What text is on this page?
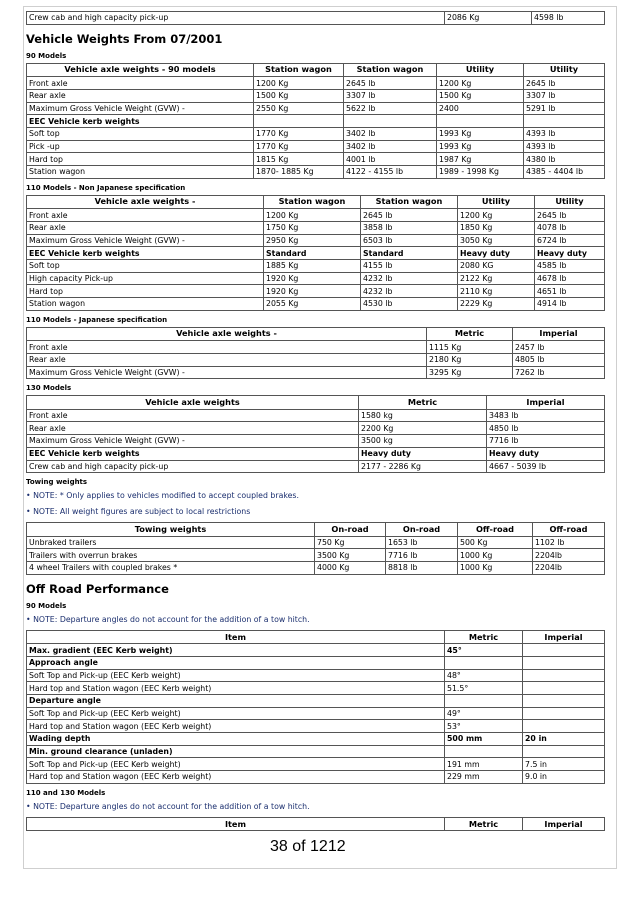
Crew cab and high capacity pick-up	2086 Kg	4598 lb
Vehicle Weights From 07/2001
90 Models
Vehicle axle weights - 90 models	Station wagon	Station wagon	Utility	Utility
Front axle	1200 Kg	2645 lb	1200 Kg	2645 lb
Rear axle	1500 Kg	3307 lb	1500 Kg	3307 lb
Maximum Gross Vehicle Weight (GVW) -	2550 Kg	5622 lb	2400	5291 lb
EEC Vehicle kerb weights				
Soft top	1770 Kg	3402 lb	1993 Kg	4393 lb
Pick -up	1770 Kg	3402 lb	1993 Kg	4393 lb
Hard top	1815 Kg	4001 lb	1987 Kg	4380 lb
Station wagon	1870- 1885 Kg	4122 - 4155 lb	1989 - 1998 Kg	4385 - 4404 lb
110 Models - Non Japanese specification
Vehicle axle weights -	Station wagon	Station wagon	Utility	Utility
Front axle	1200 Kg	2645 lb	1200 Kg	2645 lb
Rear axle	1750 Kg	3858 lb	1850 Kg	4078 lb
Maximum Gross Vehicle Weight (GVW) -	2950 Kg	6503 lb	3050 Kg	6724 lb
EEC Vehicle kerb weights	Standard	Standard	Heavy duty	Heavy duty
Soft top	1885 Kg	4155 lb	2080 KG	4585 lb
High capacity Pick-up	1920 Kg	4232 lb	2122 Kg	4678 lb
Hard top	1920 Kg	4232 lb	2110 Kg	4651 lb
Station wagon	2055 Kg	4530 lb	2229 Kg	4914 lb
110 Models - Japanese specification
Vehicle axle weights -	Metric	Imperial
Front axle	1115 Kg	2457 lb
Rear axle	2180 Kg	4805 lb
Maximum Gross Vehicle Weight (GVW) -	3295 Kg	7262 lb
130 Models
Vehicle axle weights	Metric	Imperial
Front axle	1580 kg	3483 lb
Rear axle	2200 Kg	4850 lb
Maximum Gross Vehicle Weight (GVW) -	3500 kg	7716 lb
EEC Vehicle kerb weights	Heavy duty	Heavy duty
Crew cab and high capacity pick-up	2177 - 2286 Kg	4667 - 5039 lb
Towing weights
• NOTE: * Only applies to vehicles modified to accept coupled brakes.
• NOTE: All weight figures are subject to local restrictions
Towing weights	On-road	On-road	Off-road	Off-road
Unbraked trailers	750 Kg	1653 lb	500 Kg	1102 lb
Trailers with overrun brakes	3500 Kg	7716 lb	1000 Kg	2204lb
4 wheel Trailers with coupled brakes *	4000 Kg	8818 lb	1000 Kg	2204lb
Off Road Performance
90 Models
• NOTE: Departure angles do not account for the addition of a tow hitch.
Item	Metric	Imperial
Max. gradient (EEC Kerb weight)	45°	
Approach angle		
Soft Top and Pick-up (EEC Kerb weight)	48°	
Hard top and Station wagon (EEC Kerb weight)	51.5°	
Departure angle		
Soft Top and Pick-up (EEC Kerb weight)	49°	
Hard top and Station wagon (EEC Kerb weight)	53°	
Wading depth	500 mm	20 in
Min. ground clearance (unladen)		
Soft Top and Pick-up (EEC Kerb weight)	191 mm	7.5 in
Hard top and Station wagon (EEC Kerb weight)	229 mm	9.0 in
110 and 130 Models
• NOTE: Departure angles do not account for the addition of a tow hitch.
Item	Metric	Imperial
38 of 1212
